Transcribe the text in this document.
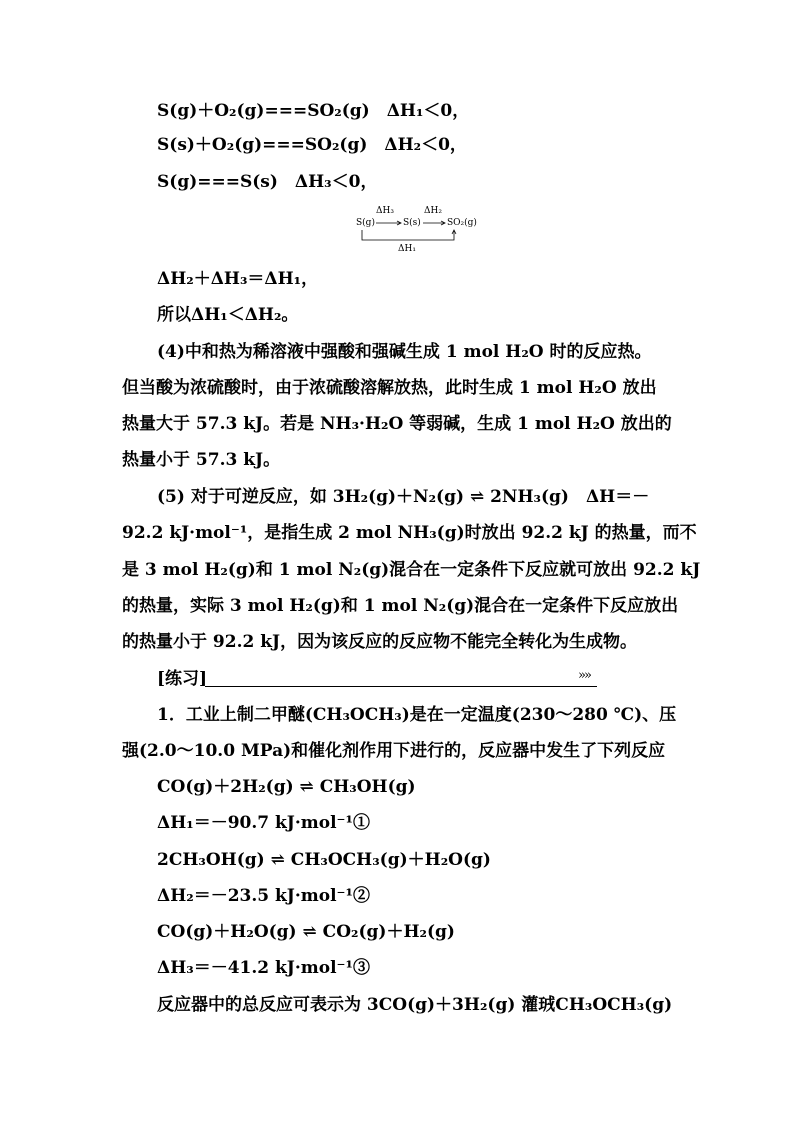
S(g)＋O₂(g)===SO₂(g)　ΔH₁＜0，
S(s)＋O₂(g)===SO₂(g)　ΔH₂＜0，
S(g)===S(s)　ΔH₃＜0，
S(g)	S(s)	SO₂(g)
ΔH₃	ΔH₂
ΔH₁
ΔH₂＋ΔH₃＝ΔH₁，
所以ΔH₁＜ΔH₂。
(4)中和热为稀溶液中强酸和强碱生成 1 mol H₂O 时的反应热。
但当酸为浓硫酸时，由于浓硫酸溶解放热，此时生成 1 mol H₂O 放出
热量大于 57.3 kJ。若是 NH₃·H₂O 等弱碱，生成 1 mol H₂O 放出的
热量小于 57.3 kJ。
(5) 对于可逆反应，如 3H₂(g)＋N₂(g) ⇌ 2NH₃(g)　ΔH＝－
92.2 kJ·mol⁻¹，是指生成 2 mol NH₃(g)时放出 92.2 kJ 的热量，而不
是 3 mol H₂(g)和 1 mol N₂(g)混合在一定条件下反应就可放出 92.2 kJ
的热量，实际 3 mol H₂(g)和 1 mol N₂(g)混合在一定条件下反应放出
的热量小于 92.2 kJ，因为该反应的反应物不能完全转化为生成物。
[练习]	»»
1．工业上制二甲醚(CH₃OCH₃)是在一定温度(230～280 ℃)、压
强(2.0～10.0 MPa)和催化剂作用下进行的，反应器中发生了下列反应
CO(g)＋2H₂(g) ⇌ CH₃OH(g)
ΔH₁＝－90.7 kJ·mol⁻¹①
2CH₃OH(g) ⇌ CH₃OCH₃(g)＋H₂O(g)
ΔH₂＝－23.5 kJ·mol⁻¹②
CO(g)＋H₂O(g) ⇌ CO₂(g)＋H₂(g)
ΔH₃＝－41.2 kJ·mol⁻¹③
反应器中的总反应可表示为 3CO(g)＋3H₂(g) 灌珬CH₃OCH₃(g)
